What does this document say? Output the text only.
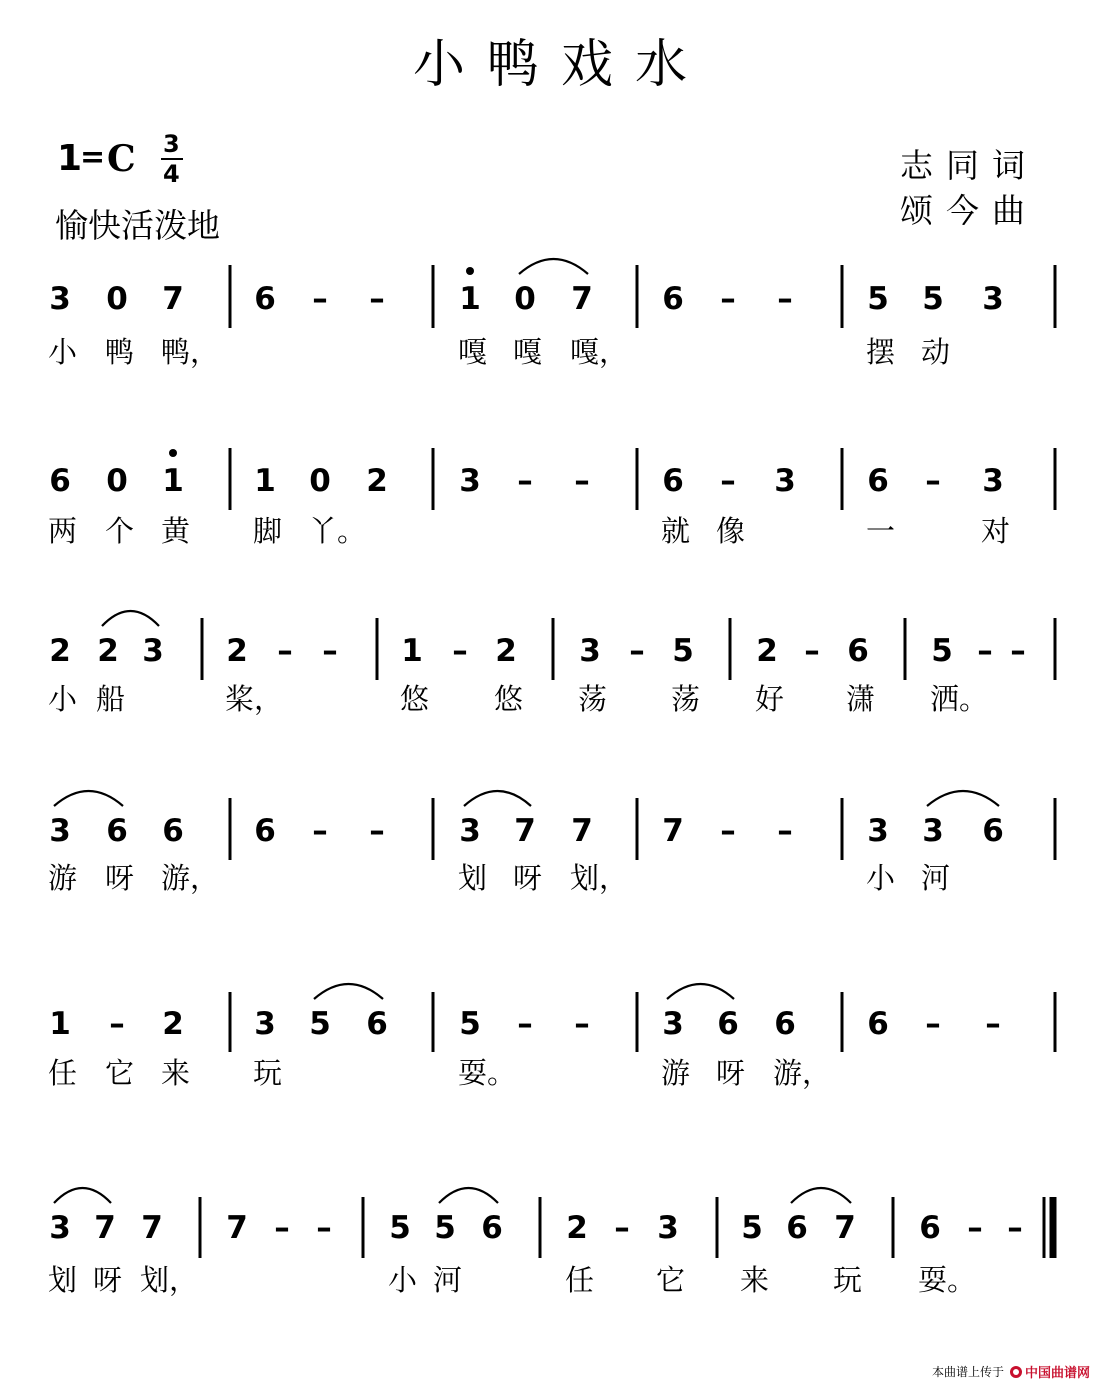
小鸭戏水
1
= C 3
4
愉快活泼地
志同词
颂今曲
3 0 7
小 鸭 鸭，
6 – – 1 0 7
嘎 嘎 嘎，
6 – – 5 5 3
摆 动
6 0 1
两 个 黄
1 0 2
脚 丫。
3 – – 6 – 3
就 像
6 – 3
一	对
2 2 3
小 船
2 – –
桨，
1 – 2
悠 悠
3 – 5
荡 荡
2 – 6
好 潇
5 – –
洒。
3 6 6
游 呀 游，
6 – – 3 7 7
划 呀 划，
7 – – 3 3 6
小 河
1 – 2
任 它 来
3 5 6
玩
5 – –
耍。
3 6 6
游 呀 游，
6 – –
3 7 7
划 呀 划，
7 – – 5 5 6
小 河
2 – 3
任 它
5 6 7
来 玩
6 – –
耍。
本曲谱上传于 中国曲谱网
